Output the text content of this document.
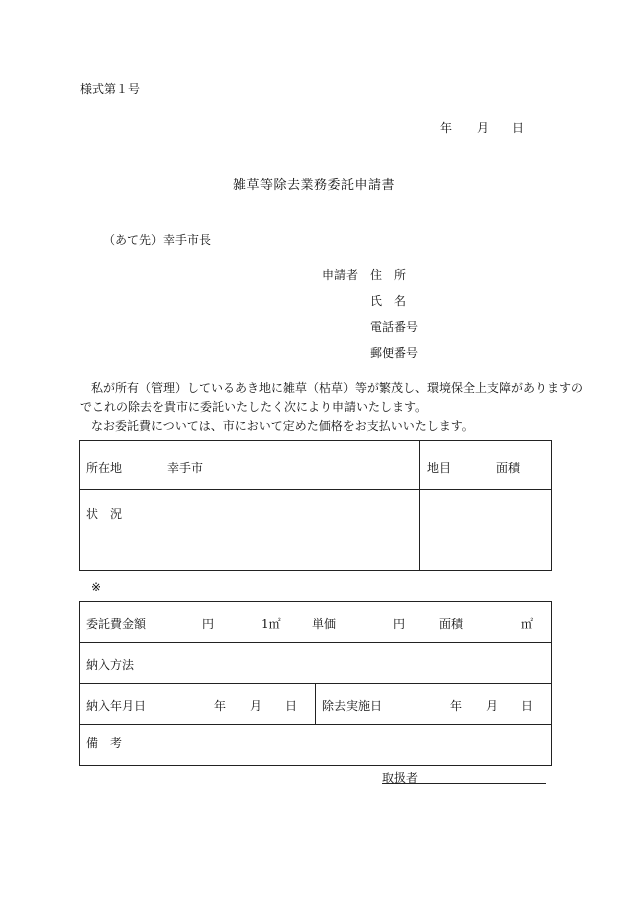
様式第１号
年 月 日
雑草等除去業務委託申請書
（あて先）幸手市長
申請者 住　所
氏　名
電話番号
郵便番号
私が所有（管理）しているあき地に雑草（枯草）等が繁茂し、環境保全上支障がありますの
でこれの除去を貴市に委託いたしたく次により申請いたします。
なお委託費については、市において定めた価格をお支払いいたします。
所在地 幸手市	地目 面積

状　況	

※
委託費金額	円	1㎡	単価	円	面積	㎡

納入方法

納入年月日	年 月 日	除去実施日	年 月 日

備　考
取扱者
